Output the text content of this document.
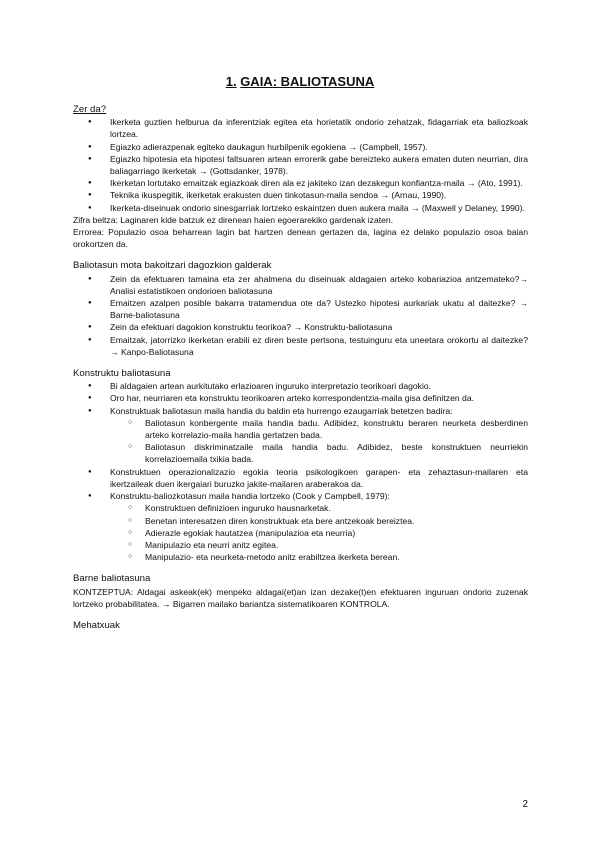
1. GAIA: BALIOTASUNA

Zer da?

● Ikerketa guztien helburua da inferentziak egitea eta horietatik ondorio zehatzak, fidagarriak eta baliozkoak lortzea.
● Egiazko adierazpenak egiteko daukagun hurbilpenik egokiena → (Campbell, 1957).
● Egiazko hipotesia eta hipotesi faltsuaren artean errorerik gabe bereizteko aukera ematen duten neurrian, dira baliagarriago ikerketak → (Gottsdanker, 1978).
● Ikerketan lortutako emaitzak egiazkoak diren ala ez jakiteko izan dezakegun konfiantza-maila → (Ato, 1991).
● Teknika ikuspegitik, ikerketak erakusten duen tinkotasun-maila sendoa → (Arnau, 1990).
● Ikerketa-diseinuak ondorio sinesgarriak lortzeko eskaintzen duen aukera maila → (Maxwell y Delaney, 1990).

Zifra beltza: Laginaren kide batzuk ez direnean haien egoerarekiko gardenak izaten.

Errorea: Populazio osoa beharrean lagin bat hartzen denean gertazen da, lagina ez delako populazio osoa baian orokortzen da.

Baliotasun mota bakoitzari dagozkion galderak

● Zein da efektuaren tamaina eta zer ahalmena du diseinuak aldagaien arteko kobariazioa antzemateko?→ Analisi estatistikoen ondorioen baliotasuna
● Emaitzen azalpen posible bakarra tratamendua ote da? Ustezko hipotesi aurkariak ukatu al daitezke? → Barne-baliotasuna
● Zein da efektuari dagokion konstruktu teorikoa? → Konstruktu-baliotasuna
● Emaitzak, jatorrizko ikerketan erabili ez diren beste pertsona, testuinguru eta uneetara orokortu al daitezke? → Kanpo-Baliotasuna

Konstruktu baliotasuna

● Bi aldagaien artean aurkitutako erlazioaren inguruko interpretazio teorikoari dagokio.
● Oro har, neurriaren eta konstruktu teorikoaren arteko korrespondentzia-maila gisa definitzen da.
● Konstruktuak baliotasun maila handia du baldin eta hurrengo ezaugarriak betetzen badira:
○ Baliotasun konbergente maila handia badu. Adibidez, konstruktu beraren neurketa desberdinen arteko korrelazio-maila handia gertatzen bada.
○ Baliotasun diskriminatzaile maila handia badu. Adibidez, beste konstruktuen neurriekin korrelazioemaila txikia bada.
● Konstruktuen operazionalizazio egokia teoria psikologikoen garapen- eta zehaztasun-mailaren eta ikertzaileak duen ikergaiari buruzko jakite-mailaren araberakoa da.
● Konstruktu-baliozkotasun maila handia lortzeko (Cook y Campbell, 1979):
○ Konstruktuen definizioen inguruko hausnarketak.
○ Benetan interesatzen diren konstruktuak eta bere antzekoak bereiztea.
○ Adierazle egokiak hautatzea (manipulazioa eta neurria)
○ Manipulazio eta neurri anitz egitea.
○ Manipulazio- eta neurketa-metodo anitz erabiltzea ikerketa berean.

Barne baliotasuna

KONTZEPTUA: Aldagai askeak(ek) menpeko aldagai(et)an izan dezake(t)en efektuaren inguruan ondorio zuzenak lortzeko probabilitatea. → Bigarren mailako bariantza sistematikoaren KONTROLA.

Mehatxuak

2
